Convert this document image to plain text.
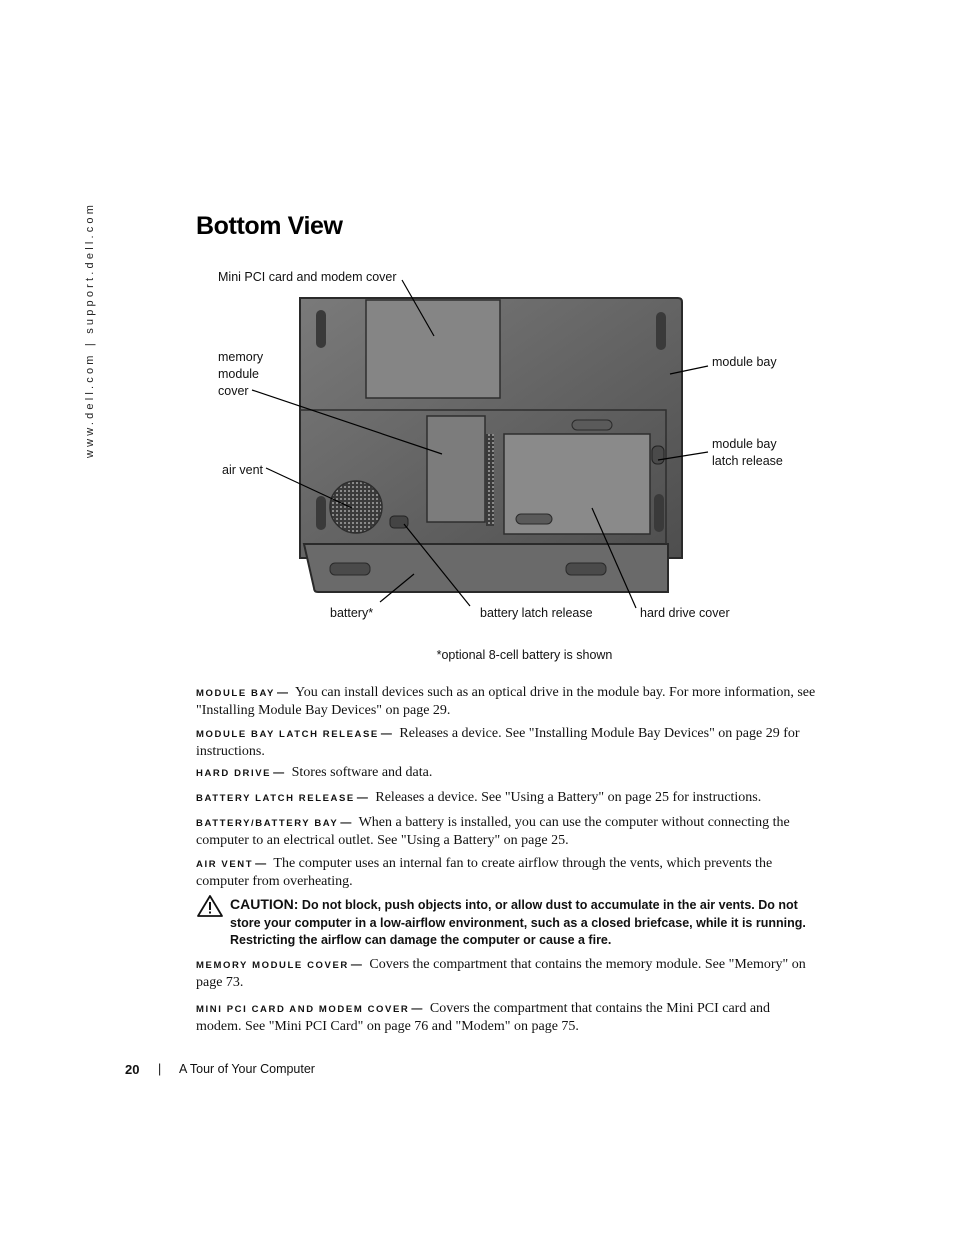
www.dell.com | support.dell.com	Bottom View
Mini PCI card and modem cover
memory
module
cover
air vent
module bay
module bay
latch release
battery*	battery latch release	hard drive cover
*optional 8-cell battery is shown
MODULE BAY — You can install devices such as an optical drive in the module bay. For more information, see "Installing Module Bay Devices" on page 29.
MODULE BAY LATCH RELEASE — Releases a device. See "Installing Module Bay Devices" on page 29 for instructions.
HARD DRIVE — Stores software and data.
BATTERY LATCH RELEASE — Releases a device. See "Using a Battery" on page 25 for instructions.
BATTERY/BATTERY BAY — When a battery is installed, you can use the computer without connecting the computer to an electrical outlet. See "Using a Battery" on page 25.
AIR VENT — The computer uses an internal fan to create airflow through the vents, which prevents the computer from overheating.
CAUTION: Do not block, push objects into, or allow dust to accumulate in the air vents. Do not store your computer in a low-airflow environment, such as a closed briefcase, while it is running. Restricting the airflow can damage the computer or cause a fire.
MEMORY MODULE COVER — Covers the compartment that contains the memory module. See "Memory" on page 73.
MINI PCI CARD AND MODEM COVER — Covers the compartment that contains the Mini PCI card and modem. See "Mini PCI Card" on page 76 and "Modem" on page 75.
20 | A Tour of Your Computer
